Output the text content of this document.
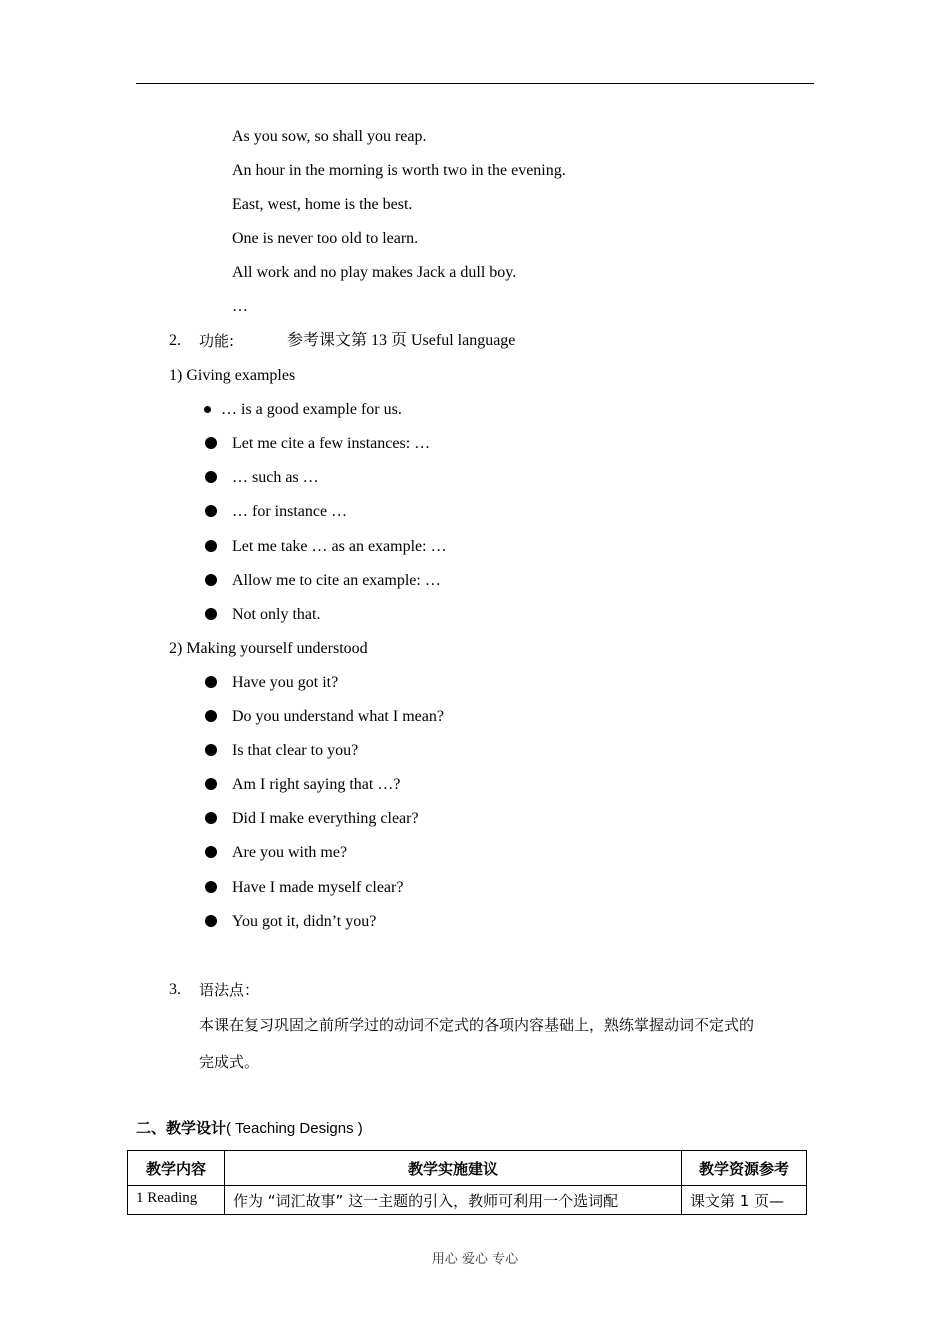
As you sow, so shall you reap.
An hour in the morning is worth two in the evening.
East, west, home is the best.
One is never too old to learn.
All work and no play makes Jack a dull boy.
…
2. 功能:	参考课文第 13 页 Useful language
1) Giving examples
… is a good example for us.
Let me cite a few instances: …
… such as …
… for instance …
Let me take … as an example: …
Allow me to cite an example: …
Not only that.
2) Making yourself understood
Have you got it?
Do you understand what I mean?
Is that clear to you?
Am I right saying that …?
Did I make everything clear?
Are you with me?
Have I made myself clear?
You got it, didn’t you?
3. 语法点：
本课在复习巩固之前所学过的动词不定式的各项内容基础上，熟练掌握动词不定式的
完成式。
二、教学设计( Teaching Designs )
教学内容	教学实施建议	教学资源参考
1 Reading	作为 “词汇故事” 这一主题的引入，教师可利用一个选词配	课文第 1 页—
用心 爱心 专心
